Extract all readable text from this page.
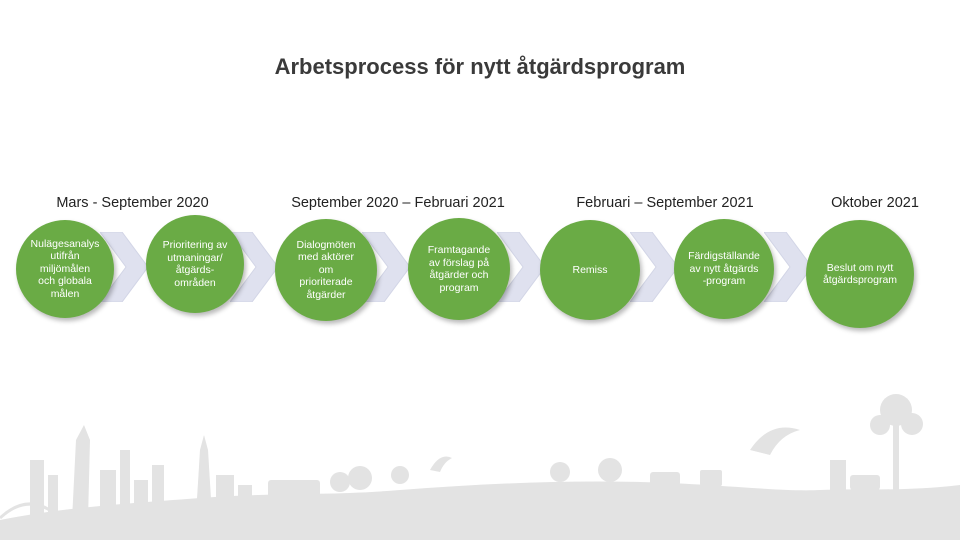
Arbetsprocess för nytt åtgärdsprogram
Mars - September 2020	September 2020 – Februari 2021	Februari – September 2021	Oktober 2021
Nulägesanalys
utifrån
miljömålen
och globala
målen
Prioritering av
utmaningar/
åtgärds-
områden
Dialogmöten
med aktörer
om
prioriterade
åtgärder
Framtagande
av förslag på
åtgärder och
program
Remiss
Färdigställande
av nytt åtgärds
-program
Beslut om nytt
åtgärdsprogram
